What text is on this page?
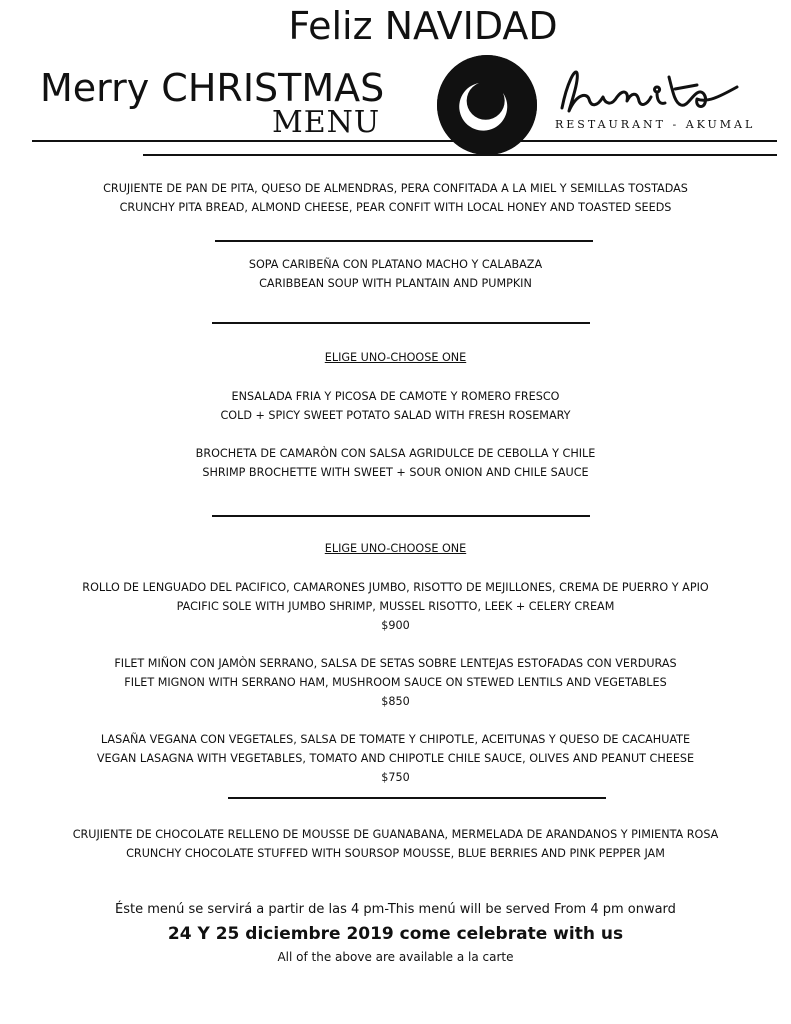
Feliz NAVIDAD
Merry CHRISTMAS
MENU	RESTAURANT - AKUMAL
CRUJIENTE DE PAN DE PITA, QUESO DE ALMENDRAS, PERA CONFITADA A LA MIEL Y SEMILLAS TOSTADAS
CRUNCHY PITA BREAD, ALMOND CHEESE, PEAR CONFIT WITH LOCAL HONEY AND TOASTED SEEDS
SOPA CARIBEÑA CON PLATANO MACHO Y CALABAZA
CARIBBEAN SOUP WITH PLANTAIN AND PUMPKIN
ELIGE UNO-CHOOSE ONE
ENSALADA FRIA Y PICOSA DE CAMOTE Y ROMERO FRESCO
COLD + SPICY SWEET POTATO SALAD WITH FRESH ROSEMARY
BROCHETA DE CAMARÒN CON SALSA AGRIDULCE DE CEBOLLA Y CHILE
SHRIMP BROCHETTE WITH SWEET + SOUR ONION AND CHILE SAUCE
ELIGE UNO-CHOOSE ONE
ROLLO DE LENGUADO DEL PACIFICO, CAMARONES JUMBO, RISOTTO DE MEJILLONES, CREMA DE PUERRO Y APIO
PACIFIC SOLE WITH JUMBO SHRIMP, MUSSEL RISOTTO, LEEK + CELERY CREAM
$900
FILET MIÑON CON JAMÒN SERRANO, SALSA DE SETAS SOBRE LENTEJAS ESTOFADAS CON VERDURAS
FILET MIGNON WITH SERRANO HAM, MUSHROOM SAUCE ON STEWED LENTILS AND VEGETABLES
$850
LASAÑA VEGANA CON VEGETALES, SALSA DE TOMATE Y CHIPOTLE, ACEITUNAS Y QUESO DE CACAHUATE
VEGAN LASAGNA WITH VEGETABLES, TOMATO AND CHIPOTLE CHILE SAUCE, OLIVES AND PEANUT CHEESE
$750
CRUJIENTE DE CHOCOLATE RELLENO DE MOUSSE DE GUANABANA, MERMELADA DE ARANDANOS Y PIMIENTA ROSA
CRUNCHY CHOCOLATE STUFFED WITH SOURSOP MOUSSE, BLUE BERRIES AND PINK PEPPER JAM
Éste menú se servirá a partir de las 4 pm-This menú will be served From 4 pm onward
24 Y 25 diciembre 2019 come celebrate with us
All of the above are available a la carte
